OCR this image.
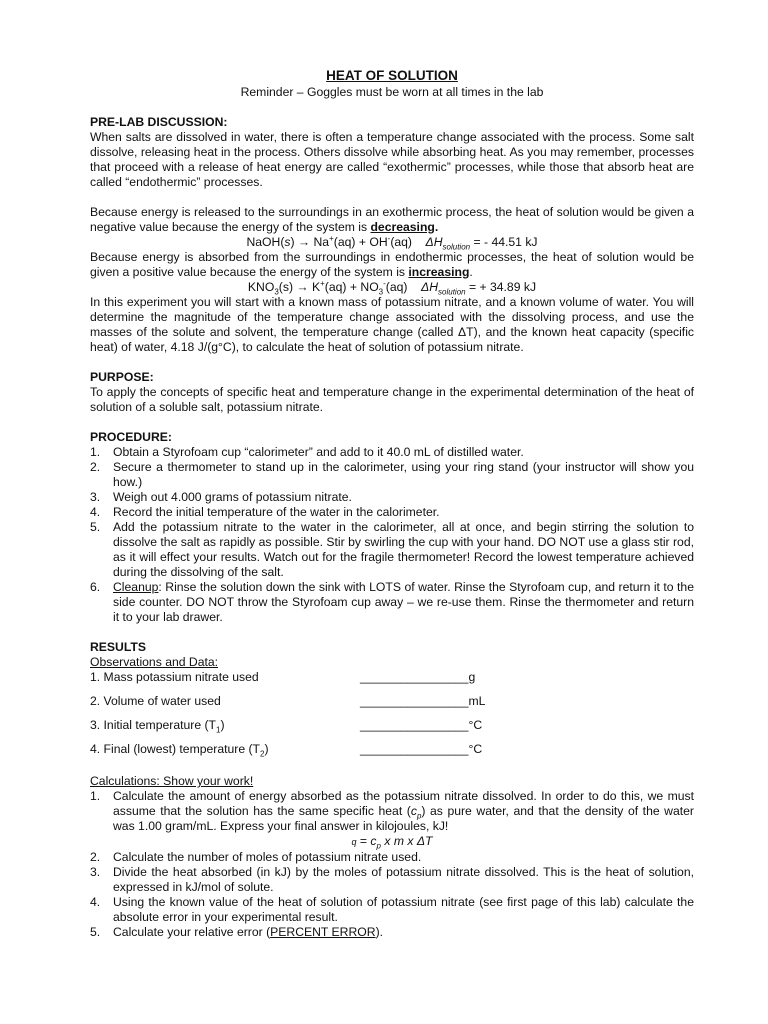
HEAT OF SOLUTION

Reminder – Goggles must be worn at all times in the lab

PRE-LAB DISCUSSION:

When salts are dissolved in water, there is often a temperature change associated with the process. Some salt dissolve, releasing heat in the process. Others dissolve while absorbing heat. As you may remember, processes that proceed with a release of heat energy are called “exothermic” processes, while those that absorb heat are called “endothermic” processes.

Because energy is released to the surroundings in an exothermic process, the heat of solution would be given a negative value because the energy of the system is decreasing.

NaOH(s) → Na+(aq) + OH-(aq) $\Delta H_{solution}$ = - 44.51 kJ

Because energy is absorbed from the surroundings in endothermic processes, the heat of solution would be given a positive value because the energy of the system is increasing.

$KNO_3(s) \to K^+(aq) + NO_3^-(aq) \Delta H_{solution}$ = + 34.89 kJ

In this experiment you will start with a known mass of potassium nitrate, and a known volume of water. You will determine the magnitude of the temperature change associated with the dissolving process, and use the masses of the solute and solvent, the temperature change (called ΔT), and the known heat capacity (specific heat) of water, 4.18 J/(g°C), to calculate the heat of solution of potassium nitrate.

PURPOSE:

To apply the concepts of specific heat and temperature change in the experimental determination of the heat of solution of a soluble salt, potassium nitrate.

PROCEDURE:
1. Obtain a Styrofoam cup “calorimeter” and add to it 40.0 mL of distilled water.
2. Secure a thermometer to stand up in the calorimeter, using your ring stand (your instructor will show you how.)
3. Weigh out 4.000 grams of potassium nitrate.
4. Record the initial temperature of the water in the calorimeter.
5. Add the potassium nitrate to the water in the calorimeter, all at once, and begin stirring the solution to dissolve the salt as rapidly as possible. Stir by swirling the cup with your hand. DO NOT use a glass stir rod, as it will effect your results. Watch out for the fragile thermometer! Record the lowest temperature achieved during the dissolving of the salt.
6. Cleanup: Rinse the solution down the sink with LOTS of water. Rinse the Styrofoam cup, and return it to the side counter. DO NOT throw the Styrofoam cup away – we re-use them. Rinse the thermometer and return it to your lab drawer.
RESULTS
Observations and Data:
1. Mass potassium nitrate used	________________ g
2. Volume of water used	________________ mL
3. Initial temperature $(T_1)$	________________ °C
4. Final (lowest) temperature $(T_2)$	________________ °C
Calculations: Show your work!
1. Calculate the amount of energy absorbed as the potassium nitrate dissolved. In order to do this, we must assume that the solution has the same specific heat $(c_p)$ as pure water, and that the density of the water was 1.00 gram/mL. Express your final answer in kilojoules, kJ!

$q = c_p$ x m x ΔT

2. Calculate the number of moles of potassium nitrate used.
3. Divide the heat absorbed (in kJ) by the moles of potassium nitrate dissolved. This is the heat of solution, expressed in kJ/mol of solute.
4. Using the known value of the heat of solution of potassium nitrate (see first page of this lab) calculate the absolute error in your experimental result.
5. Calculate your relative error (PERCENT ERROR).
